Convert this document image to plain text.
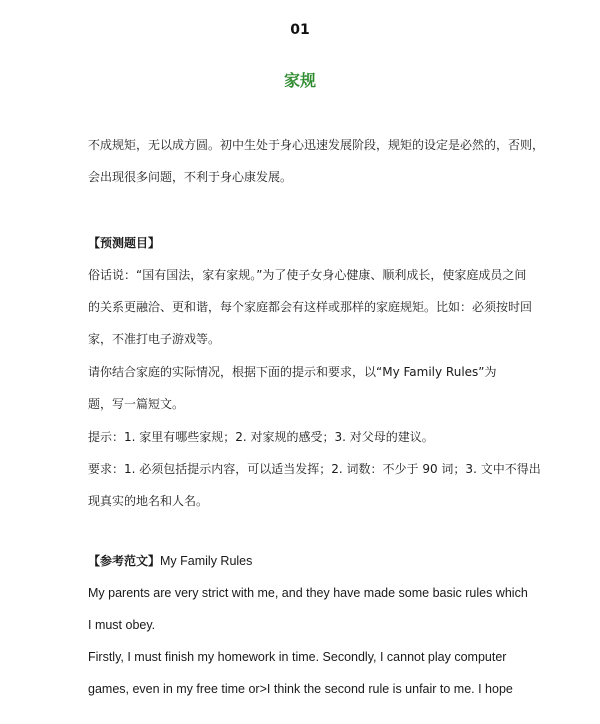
01
家规
不成规矩，无以成方圆。初中生处于身心迅速发展阶段，规矩的设定是必然的，否则，
会出现很多问题，不利于身心康发展。
【预测题目】
俗话说：“国有国法，家有家规。”为了使子女身心健康、顺利成长，使家庭成员之间
的关系更融洽、更和谐，每个家庭都会有这样或那样的家庭规矩。比如：必须按时回
家，不准打电子游戏等。
请你结合家庭的实际情况，根据下面的提示和要求，以“My Family Rules”为
题，写一篇短文。
提示：1. 家里有哪些家规；2. 对家规的感受；3. 对父母的建议。
要求：1. 必须包括提示内容，可以适当发挥；2. 词数：不少于 90 词；3. 文中不得出
现真实的地名和人名。
【参考范文】My Family Rules
My parents are very strict with me, and they have made some basic rules which
I must obey.
Firstly, I must finish my homework in time. Secondly, I cannot play computer
games, even in my free time or>I think the second rule is unfair to me. I hope
